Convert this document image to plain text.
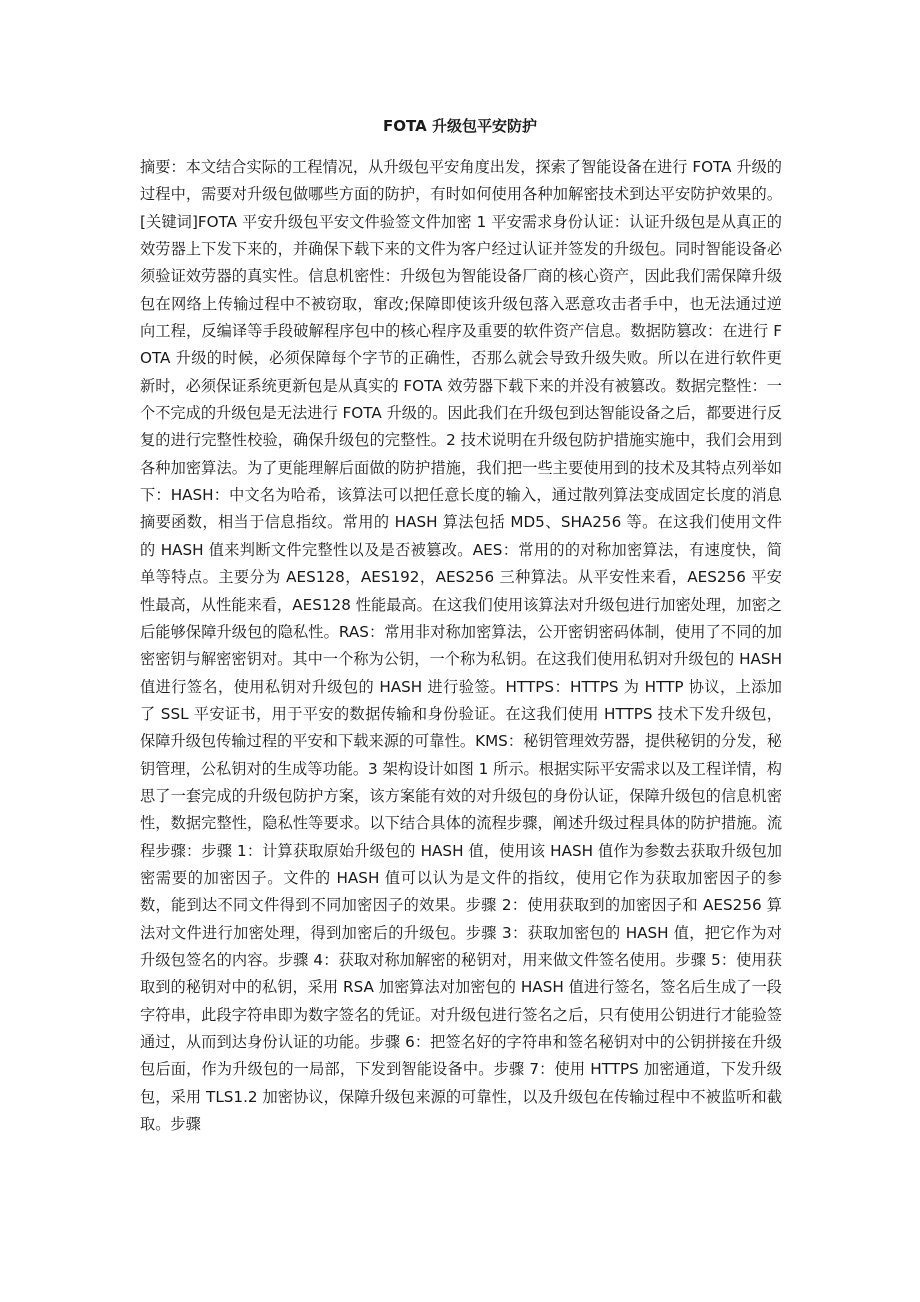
FOTA 升级包平安防护

摘要：本文结合实际的工程情况，从升级包平安角度出发，探索了智能设备在进行 FOTA 升级的过程中，需要对升级包做哪些方面的防护，有时如何使用各种加解密技术到达平安防护效果的。[关键词]FOTA 平安升级包平安文件验签文件加密 1 平安需求身份认证：认证升级包是从真正的效劳器上下发下来的，并确保下载下来的文件为客户经过认证并签发的升级包。同时智能设备必须验证效劳器的真实性。信息机密性：升级包为智能设备厂商的核心资产，因此我们需保障升级包在网络上传输过程中不被窃取，窜改;保障即使该升级包落入恶意攻击者手中，也无法通过逆向工程，反编译等手段破解程序包中的核心程序及重要的软件资产信息。数据防篡改：在进行 FOTA 升级的时候，必须保障每个字节的正确性，否那么就会导致升级失败。所以在进行软件更新时，必须保证系统更新包是从真实的 FOTA 效劳器下载下来的并没有被篡改。数据完整性：一个不完成的升级包是无法进行 FOTA 升级的。因此我们在升级包到达智能设备之后，都要进行反复的进行完整性校验，确保升级包的完整性。2 技术说明在升级包防护措施实施中，我们会用到各种加密算法。为了更能理解后面做的防护措施，我们把一些主要使用到的技术及其特点列举如下：HASH：中文名为哈希，该算法可以把任意长度的输入，通过散列算法变成固定长度的消息摘要函数，相当于信息指纹。常用的 HASH 算法包括 MD5、SHA256 等。在这我们使用文件的 HASH 值来判断文件完整性以及是否被篡改。AES：常用的的对称加密算法，有速度快，简单等特点。主要分为 AES128，AES192，AES256 三种算法。从平安性来看，AES256 平安性最高，从性能来看，AES128 性能最高。在这我们使用该算法对升级包进行加密处理，加密之后能够保障升级包的隐私性。RAS：常用非对称加密算法，公开密钥密码体制，使用了不同的加密密钥与解密密钥对。其中一个称为公钥，一个称为私钥。在这我们使用私钥对升级包的 HASH 值进行签名，使用私钥对升级包的 HASH 进行验签。HTTPS：HTTPS 为 HTTP 协议，上添加了 SSL 平安证书，用于平安的数据传输和身份验证。在这我们使用 HTTPS 技术下发升级包，保障升级包传输过程的平安和下载来源的可靠性。KMS：秘钥管理效劳器，提供秘钥的分发，秘钥管理，公私钥对的生成等功能。3 架构设计如图 1 所示。根据实际平安需求以及工程详情，构思了一套完成的升级包防护方案，该方案能有效的对升级包的身份认证，保障升级包的信息机密性，数据完整性，隐私性等要求。以下结合具体的流程步骤，阐述升级过程具体的防护措施。流程步骤：步骤 1：计算获取原始升级包的 HASH 值，使用该 HASH 值作为参数去获取升级包加密需要的加密因子。文件的 HASH 值可以认为是文件的指纹，使用它作为获取加密因子的参数，能到达不同文件得到不同加密因子的效果。步骤 2：使用获取到的加密因子和 AES256 算法对文件进行加密处理，得到加密后的升级包。步骤 3：获取加密包的 HASH 值，把它作为对升级包签名的内容。步骤 4：获取对称加解密的秘钥对，用来做文件签名使用。步骤 5：使用获取到的秘钥对中的私钥，采用 RSA 加密算法对加密包的 HASH 值进行签名，签名后生成了一段字符串，此段字符串即为数字签名的凭证。对升级包进行签名之后，只有使用公钥进行才能验签通过，从而到达身份认证的功能。步骤 6：把签名好的字符串和签名秘钥对中的公钥拼接在升级包后面，作为升级包的一局部，下发到智能设备中。步骤 7：使用 HTTPS 加密通道，下发升级包，采用 TLS1.2 加密协议，保障升级包来源的可靠性，以及升级包在传输过程中不被监听和截取。步骤
